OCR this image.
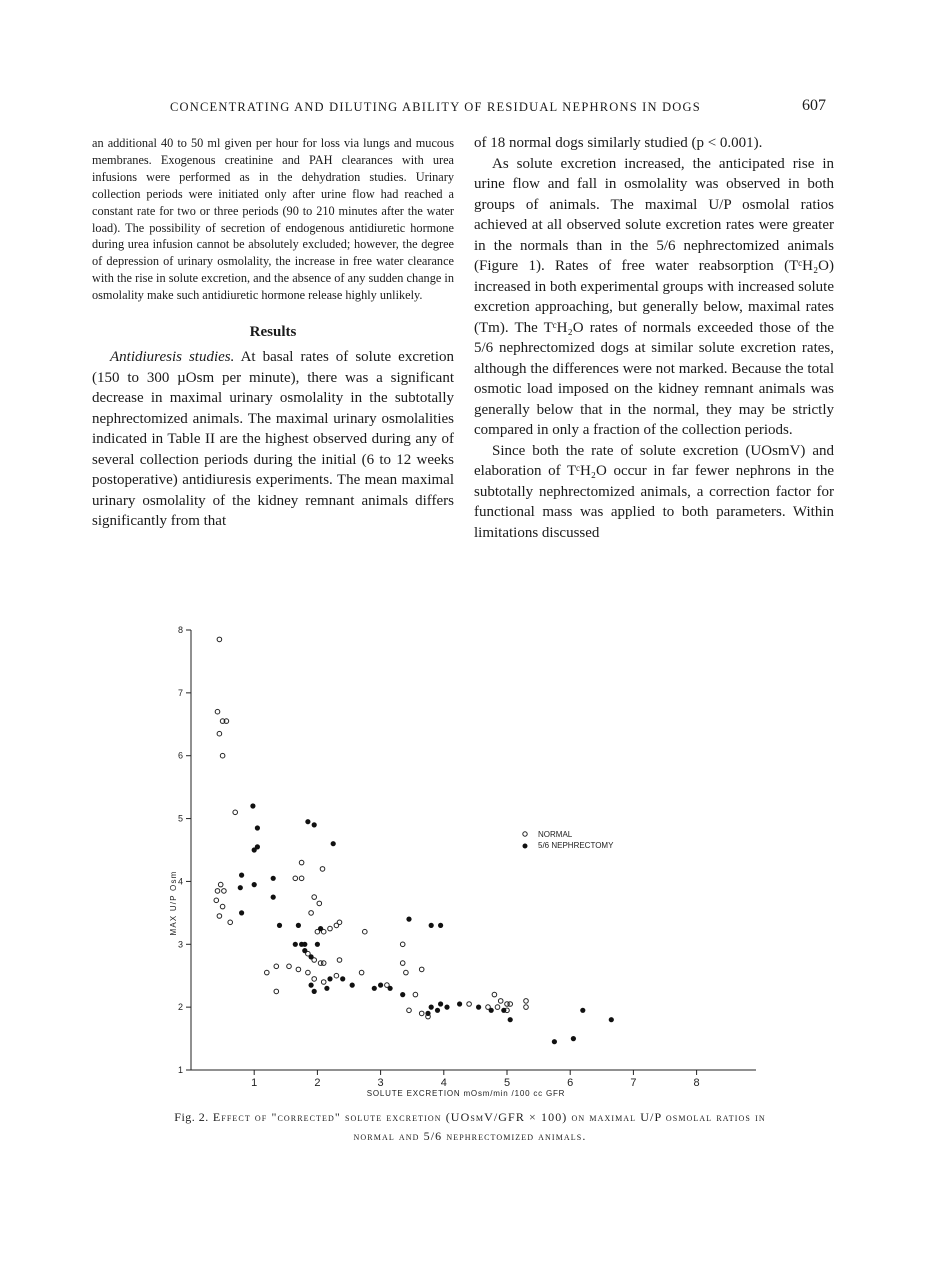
CONCENTRATING AND DILUTING ABILITY OF RESIDUAL NEPHRONS IN DOGS	607

an additional 40 to 50 ml given per hour for loss via lungs and mucous membranes. Exogenous creatinine and PAH clearances with urea infusions were performed as in the dehydration studies. Urinary collection periods were initiated only after urine flow had reached a constant rate for two or three periods (90 to 210 minutes after the water load). The possibility of secretion of endogenous antidiuretic hormone during urea infusion cannot be absolutely excluded; however, the degree of depression of urinary osmolality, the increase in free water clearance with the rise in solute excretion, and the absence of any sudden change in osmolality make such antidiuretic hormone release highly unlikely.

Results

Antidiuresis studies. At basal rates of solute excretion (150 to 300 µOsm per minute), there was a significant decrease in maximal urinary osmolality in the subtotally nephrectomized animals. The maximal urinary osmolalities indicated in Table II are the highest observed during any of several collection periods during the initial (6 to 12 weeks postoperative) antidiuresis experiments. The mean maximal urinary osmolality of the kidney remnant animals differs significantly from that

of 18 normal dogs similarly studied (p < 0.001).

As solute excretion increased, the anticipated rise in urine flow and fall in osmolality was observed in both groups of animals. The maximal U/P osmolal ratios achieved at all observed solute excretion rates were greater in the normals than in the 5/6 nephrectomized animals (Figure 1). Rates of free water reabsorption (TᶜH₂O) increased in both experimental groups with increased solute excretion approaching, but generally below, maximal rates (Tm). The TᶜH₂O rates of normals exceeded those of the 5/6 nephrectomized dogs at similar solute excretion rates, although the differences were not marked. Because the total osmotic load imposed on the kidney remnant animals was generally below that in the normal, they may be strictly compared in only a fraction of the collection periods.

Since both the rate of solute excretion (UOsmV) and elaboration of TᶜH₂O occur in far fewer nephrons in the subtotally nephrectomized animals, a correction factor for functional mass was applied to both parameters. Within limitations discussed

1
2
3
4
5
6
7
8
1	2	3	4	5	6	7	8
MAX U/P Osm
SOLUTE EXCRETION mOsm/min /100 cc GFR
NORMAL
5/6 NEPHRECTOMY
Fig. 2. Effect of "corrected" solute excretion (UOsmV/GFR × 100) on maximal U/P osmolal ratios in normal and 5/6 nephrectomized animals.
